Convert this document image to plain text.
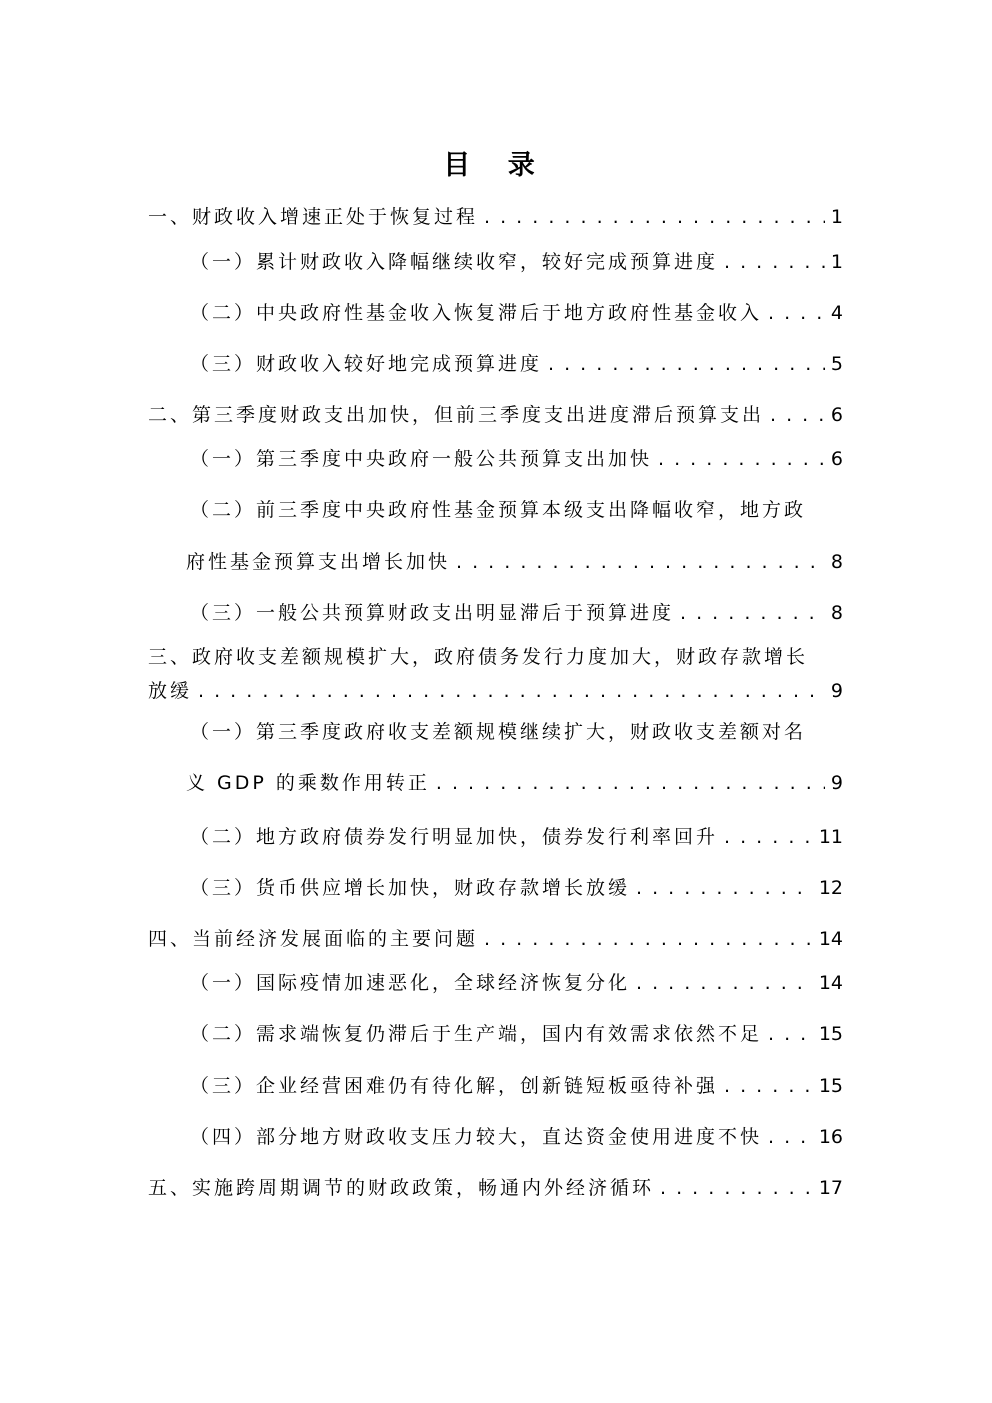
目 录
一、财政收入增速正处于恢复过程 . . .	1
（一）累计财政收入降幅继续收窄，较好完成预算进度 . . .	1
（二）中央政府性基金收入恢复滞后于地方政府性基金收入 . . .	4
（三）财政收入较好地完成预算进度 . . .	5
二、第三季度财政支出加快，但前三季度支出进度滞后预算支出 . . .	6
（一）第三季度中央政府一般公共预算支出加快 . . .	6
（二）前三季度中央政府性基金预算本级支出降幅收窄，地方政
府性基金预算支出增长加快 . . .	8
（三）一般公共预算财政支出明显滞后于预算进度 . . .	8
三、政府收支差额规模扩大，政府债务发行力度加大，财政存款增长
放缓 . . .	9
（一）第三季度政府收支差额规模继续扩大，财政收支差额对名
义 GDP 的乘数作用转正 . . .	9
（二）地方政府债券发行明显加快，债券发行利率回升 . . .	11
（三）货币供应增长加快，财政存款增长放缓 . . .	12
四、当前经济发展面临的主要问题 . . .	14
（一）国际疫情加速恶化，全球经济恢复分化 . . .	14
（二）需求端恢复仍滞后于生产端，国内有效需求依然不足 . . .	15
（三）企业经营困难仍有待化解，创新链短板亟待补强 . . .	15
（四）部分地方财政收支压力较大，直达资金使用进度不快 . . .	16
五、实施跨周期调节的财政政策，畅通内外经济循环 . . .	17
